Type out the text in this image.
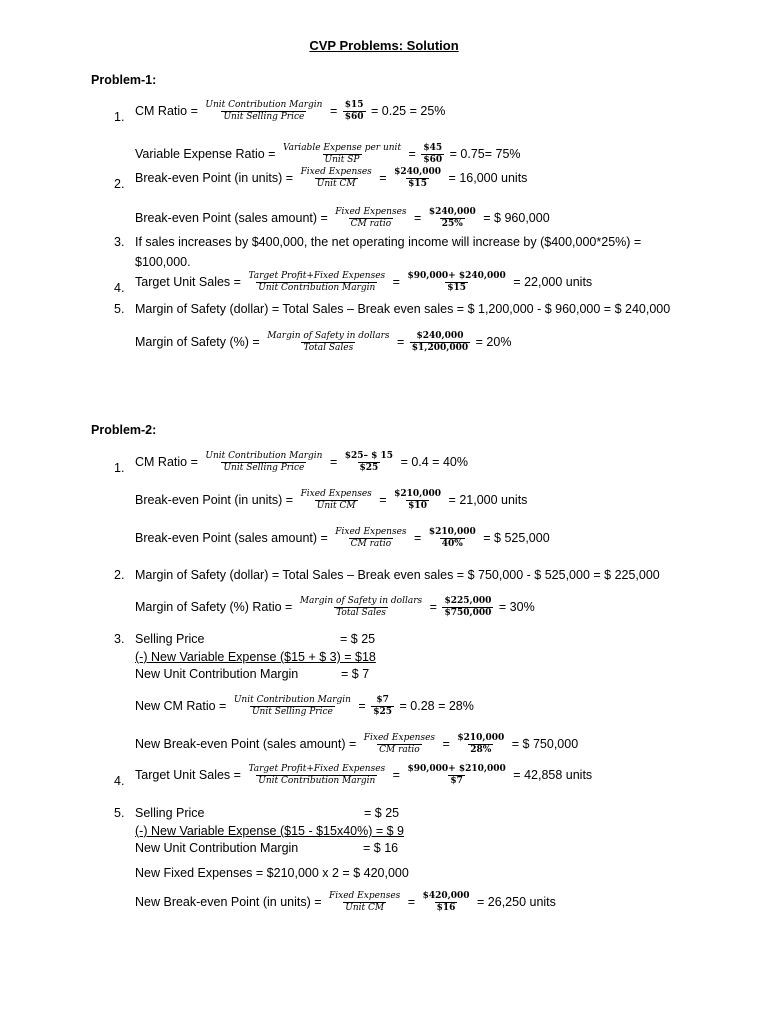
CVP Problems: Solution
Problem-1:
1. CM Ratio = $\frac{\text{Unit Contribution Margin}}{\text{Unit Selling Price}} = \frac{\$15}{\$60} = 0.25 = 25\%$
Variable Expense Ratio = $\frac{\text{Variable Expense per unit}}{\text{Unit SP}} = \frac{\$45}{\$60} = 0.75= 75\%$
2. Break-even Point (in units) = $\frac{\text{Fixed Expenses}}{\text{Unit CM}} = \frac{\$240,000}{\$15} = 16,000$ units
Break-even Point (sales amount) = $\frac{\text{Fixed Expenses}}{\text{CM ratio}} = \frac{\$240,000}{25\%}$ = $ 960,000
3. If sales increases by $400,000, the net operating income will increase by ($400,000*25%) =
$100,000.
4. Target Unit Sales = $\frac{\text{Target Profit+Fixed Expenses}}{\text{Unit Contribution Margin}} = \frac{\$90,000+ \$240,000}{\$15} = 22,000$ units
5. Margin of Safety (dollar) = Total Sales – Break even sales = $ 1,200,000 - $ 960,000 = $ 240,000
Margin of Safety (%) = $\frac{\text{Margin of Safety in dollars}}{\text{Total Sales}} = \frac{\$240,000}{\$1,200,000} = 20\%$
Problem-2:
1. CM Ratio = $\frac{\text{Unit Contribution Margin}}{\text{Unit Selling Price}} = \frac{\$25- \$ 15}{\$25} = 0.4 = 40\%$
Break-even Point (in units) = $\frac{\text{Fixed Expenses}}{\text{Unit CM}} = \frac{\$210,000}{\$10} = 21,000$ units
Break-even Point (sales amount) = $\frac{\text{Fixed Expenses}}{\text{CM ratio}} = \frac{\$210,000}{40\%}$ = $ 525,000
2. Margin of Safety (dollar) = Total Sales – Break even sales = $ 750,000 - $ 525,000 = $ 225,000
Margin of Safety (%) Ratio = $\frac{\text{Margin of Safety in dollars}}{\text{Total Sales}} = \frac{\$225,000}{\$750,000} = 30\%$
3. Selling Price	= $ 25
(-) New Variable Expense ($15 + $ 3) = $18
New Unit Contribution Margin	= $ 7
New CM Ratio = $\frac{\text{Unit Contribution Margin}}{\text{Unit Selling Price}} = \frac{\$7}{\$25} = 0.28 = 28\%$
New Break-even Point (sales amount) = $\frac{\text{Fixed Expenses}}{\text{CM ratio}} = \frac{\$210,000}{28\%}$ = $ 750,000
4. Target Unit Sales = $\frac{\text{Target Profit+Fixed Expenses}}{\text{Unit Contribution Margin}} = \frac{\$90,000+ \$210,000}{\$7} = 42,858$ units
5. Selling Price	= $ 25
(-) New Variable Expense ($15 - $15x40%) = $ 9
New Unit Contribution Margin	= $ 16
New Fixed Expenses = $210,000 x 2 = $ 420,000
New Break-even Point (in units) = $\frac{\text{Fixed Expenses}}{\text{Unit CM}} = \frac{\$420,000}{\$16} = 26,250$ units
